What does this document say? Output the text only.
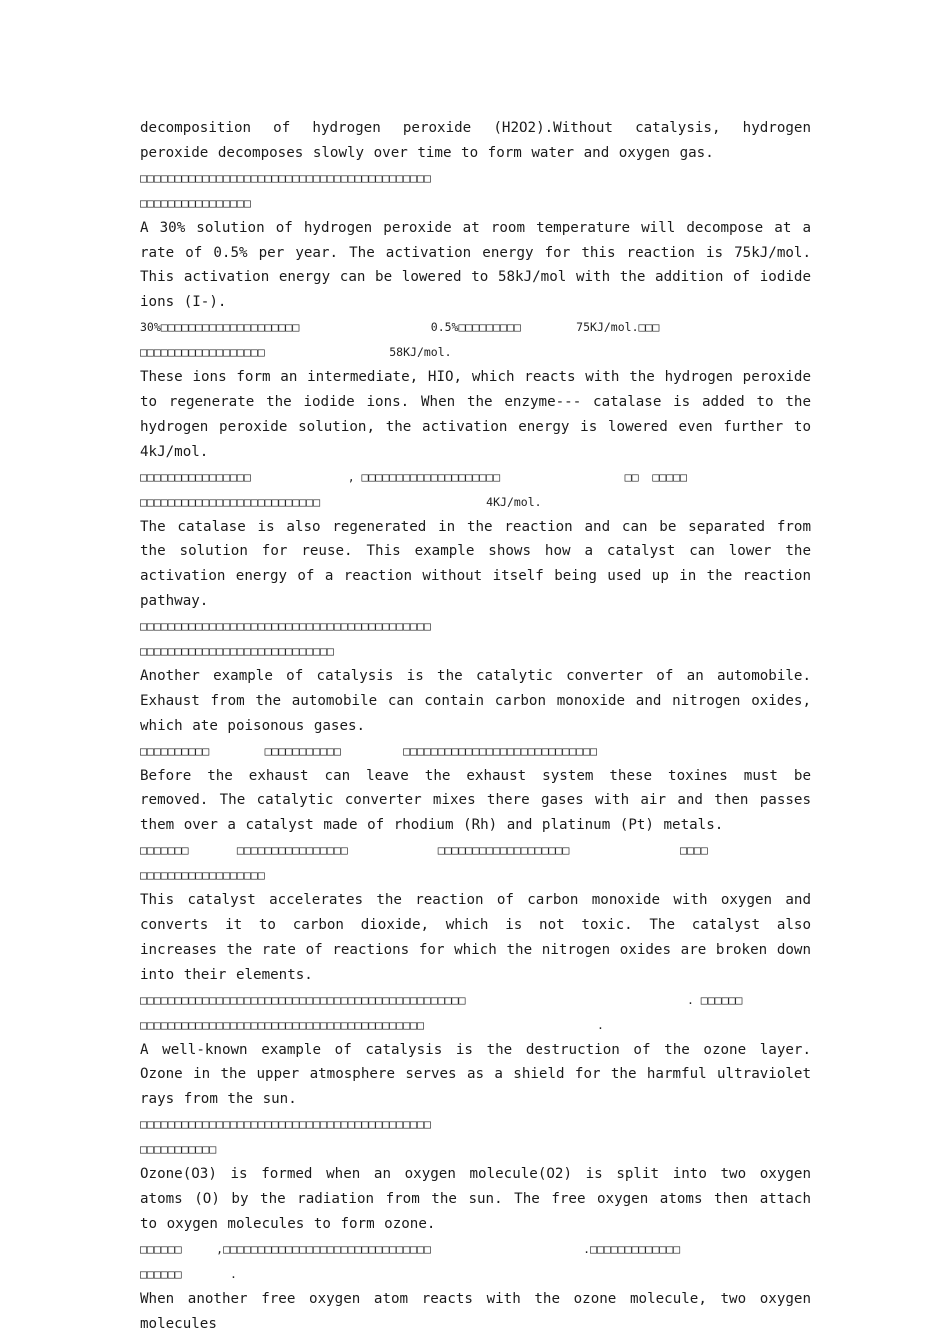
decomposition of hydrogen peroxide (H2O2).Without catalysis, hydrogen peroxide decomposes slowly over time to form water and oxygen gas.

□□□□□□□□□□□□□□□□□□□□□□□□□□□□□□□□□□□□□□□□□□

□□□□□□□□□□□□□□□□

A 30% solution of hydrogen peroxide at room temperature will decompose at a rate of 0.5% per year. The activation energy for this reaction is 75kJ/mol. This activation energy can be lowered to 58kJ/mol with the addition of iodide ions (I-).

30%□□□□□□□□□□□□□□□□□□□□                   0.5%□□□□□□□□□        75KJ/mol.□□□

□□□□□□□□□□□□□□□□□□                  58KJ/mol.

These ions form an intermediate, HIO, which reacts with the hydrogen peroxide to regenerate the iodide ions. When the enzyme--- catalase is added to the hydrogen peroxide solution, the activation energy is lowered even further to 4kJ/mol.

□□□□□□□□□□□□□□□□              , □□□□□□□□□□□□□□□□□□□□                  □□  □□□□□

□□□□□□□□□□□□□□□□□□□□□□□□□□                        4KJ/mol.

The catalase is also regenerated in the reaction and can be separated from the solution for reuse. This example shows how a catalyst can lower the activation energy of a reaction without itself being used up in the reaction pathway.

□□□□□□□□□□□□□□□□□□□□□□□□□□□□□□□□□□□□□□□□□□

□□□□□□□□□□□□□□□□□□□□□□□□□□□□

Another example of catalysis is the catalytic converter of an automobile. Exhaust from the automobile can contain carbon monoxide and nitrogen oxides, which ate poisonous gases.

□□□□□□□□□□        □□□□□□□□□□□         □□□□□□□□□□□□□□□□□□□□□□□□□□□□

Before the exhaust can leave the exhaust system these toxines must be removed. The catalytic converter mixes there gases with air and then passes them over a catalyst made of rhodium (Rh) and platinum (Pt) metals.

□□□□□□□       □□□□□□□□□□□□□□□□             □□□□□□□□□□□□□□□□□□□                □□□□

□□□□□□□□□□□□□□□□□□

This catalyst accelerates the reaction of carbon monoxide with oxygen and converts it to carbon dioxide, which is not toxic. The catalyst also increases the rate of reactions for which the nitrogen oxides are broken down into their elements.

□□□□□□□□□□□□□□□□□□□□□□□□□□□□□□□□□□□□□□□□□□□□□□□                                . □□□□□□

□□□□□□□□□□□□□□□□□□□□□□□□□□□□□□□□□□□□□□□□□                         .

A well-known example of catalysis is the destruction of the ozone layer. Ozone in the upper atmosphere serves as a shield for the harmful ultraviolet rays from the sun.

□□□□□□□□□□□□□□□□□□□□□□□□□□□□□□□□□□□□□□□□□□

□□□□□□□□□□□

Ozone(O3) is formed when an oxygen molecule(O2) is split into two oxygen atoms (O) by the radiation from the sun. The free oxygen atoms then attach to oxygen molecules to form ozone.

□□□□□□     ,□□□□□□□□□□□□□□□□□□□□□□□□□□□□□□                      .□□□□□□□□□□□□□

□□□□□□       .

When another free oxygen atom reacts with the ozone molecule, two oxygen molecules
